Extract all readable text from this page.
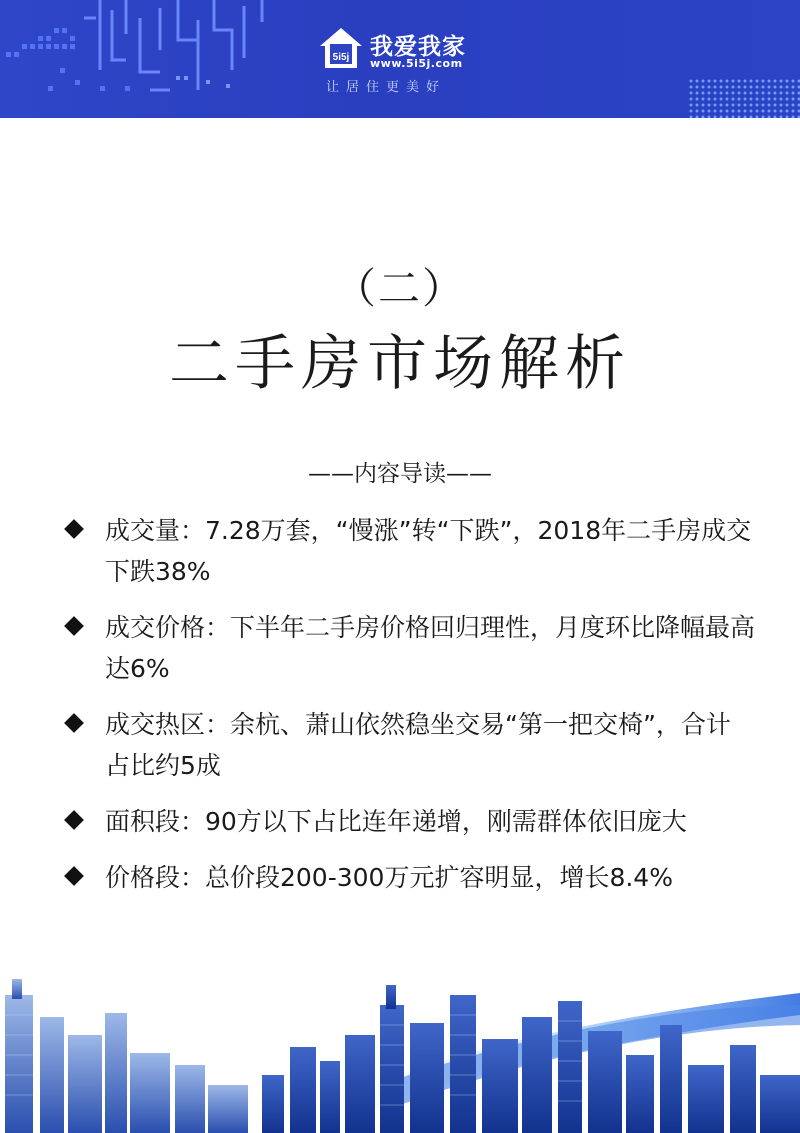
5i5j 我爱我家
www.5i5j.com
让居住更美好
（二）
二手房市场解析
——内容导读——
成交量：7.28万套，“慢涨”转“下跌”，2018年二手房成交下跌38%
成交价格：下半年二手房价格回归理性，月度环比降幅最高达6%
成交热区：余杭、萧山依然稳坐交易“第一把交椅”，合计占比约5成
面积段：90方以下占比连年递增，刚需群体依旧庞大
价格段：总价段200-300万元扩容明显，增长8.4%
